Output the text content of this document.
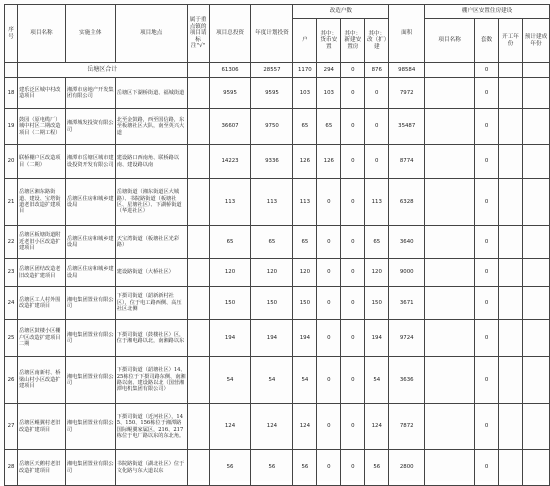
序号	项目名称	实施主体	项目地点	属于重点镇的项目请标注"√"	项目总投资	年度计划投资	改造户数				面积	棚户区安置住房建设			
							户	其中：货币安置	其中：新建安置房	其中：改（扩）建		项目名称	套数	开工年份	预计建成年份
	岳塘区合计				61306	28557	1170	294	0	876	98584		0		
18	建乐泛区城中村改造项目	湘潭市房地产开发集团有限公司	岳塘区下湖桥街道、福城街道		9595	9595	103	103	0	0	7972		0		
19	鼓园（原电缆厂）城中村区二期改造项目（二期工程）	湘潭城发投资有限公司	北至金鼓路，西至国信路，东至板塘社区大队，南至英兴大道		36607	9750	65	65	0	0	35487		0		
20	联桥棚户区改造项目（二期）	湘潭市岳塘区城市建设投资开发有限公司	建设路口西南角、联桥路以南、建设路以南		14223	9336	126	126	0	0	8774		0		
21	岳塘区湘东路街道、建设、宝塔街道老旧改造扩建项目	岳塘区住房和城乡建设局	岳塘街道（湘东街道区大城路）、书院路街道（板塘社区、星塘社区）、下湖桥街道（华进社区）		113	113	113	0	0	113	6328		0		
22	岳塘区板塘街道附近老旧小区改造扩建项目	岳塘区住房和城乡建设局	天宝湾街道（板塘社区光彩路）		65	65	65	0	0	65	3640		0		
23	岳塘区团结改造老旧改造扩建项目	岳塘区住房和城乡建设局	建设路街道（大桥社区）		120	120	120	0	0	120	9000		0		
24	岳塘区工人村外围改造扩建项目	湘电集团置业有限公司	下摄司街道（韶新新村社区），位于电工路西侧、高压社区北侧		150	150	150	0	0	150	3671		0		
25	岳塘区鼓楼小区棚户区改造扩建项目二期	湘电集团置业有限公司	下摄司街道（鼓楼社区）区，位于湘电路以北，南湘路以东		194	194	194	0	0	194	9724		0		
26	岳塘区南新村、桥梁山村小区改造扩建项目	湘电集团置业有限公司	下摄司街道（韶塘社区）14、25栋位于下摄司路东侧、南湘路以南、建设路以北（国营湘潭电机集团有限公司）		54	54	54	0	0	54	3636		0		
27	岳塘区鲲翼村老旧改造扩建项目	湘电集团置业有限公司	下摄司街道（近河社区），145、150、156栋位于湘潭路国际鲲翼家属区，216、217栋位于电厂路以东的东北角。		124	124	124	0	0	124	7872		0		
28	岳塘区天鹅村老旧改造扩建项目	湘电集团置业有限公司	书院路街道（湖北社区）位于文化路与东大道以东		56	56	56	0	0	56	2800		0		
